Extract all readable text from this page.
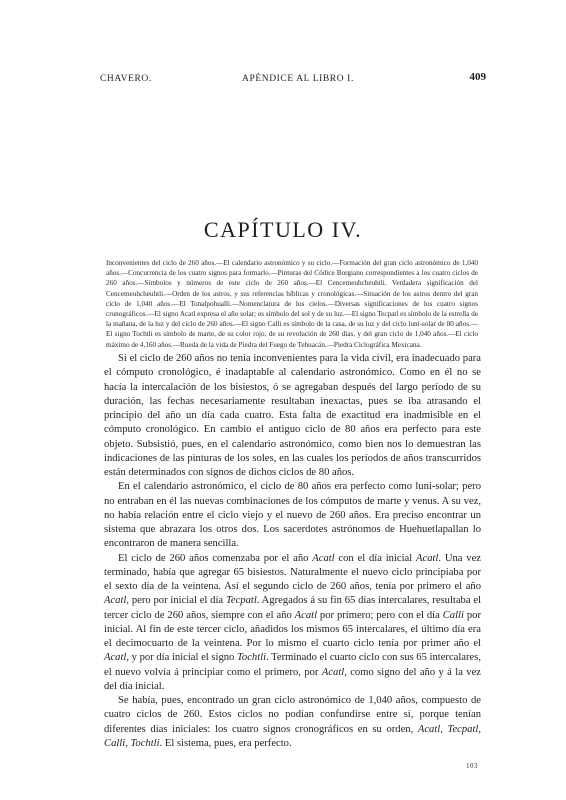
CHAVERO.	APÉNDICE AL LIBRO I.	409
CAPÍTULO IV.

Inconvenientes del ciclo de 260 años.—El calendario astronómico y su ciclo.—Formación del gran ciclo astronómico de 1,040 años.—Concurrencia de los cuatro signos para formarlo.—Pinturas del Códice Borgiano correspondientes a los cuatro ciclos de 260 años.—Símbolos y números de este ciclo de 260 años.—El Cencemeuhcheuhtli. Verdadera significación del Cencemeuhcheuhtli.—Orden de los astros, y sus referencias bíblicas y cronológicas.—Situación de los astros dentro del gran ciclo de 1,040 años.—El Tonalpohualli.—Nomenclatura de los cielos.—Diversas significaciones de los cuatro signos cronográficos.—El signo Acatl expresa el año solar; es símbolo del sol y de su luz.—El signo Tecpatl es símbolo de la estrella de la mañana, de la luz y del ciclo de 260 años.—El signo Calli es símbolo de la casa, de su luz y del ciclo luni-solar de 80 años.—El signo Tochtli es símbolo de marte, de su color rojo, de su revolución de 260 días, y del gran ciclo de 1,040 años.—El ciclo máximo de 4,160 años.—Rueda de la vida de Piedra del Fuego de Tehuacán.—Piedra Ciclográfica Mexicana.

Si el ciclo de 260 años no tenía inconvenientes para la vida civil, era inadecuado para el cómputo cronológico, é inadaptable al calendario astronómico. Como en él no se hacía la intercalación de los bisiestos, ó se agregaban después del largo período de su duración, las fechas necesariamente resultaban inexactas, pues se iba atrasando el principio del año un día cada cuatro. Esta falta de exactitud era inadmisible en el cómputo cronológico. En cambio el antiguo ciclo de 80 años era perfecto para este objeto. Subsistió, pues, en el calendario astronómico, como bien nos lo demuestran las indicaciones de las pinturas de los soles, en las cuales los períodos de años transcurridos están determinados con signos de dichos ciclos de 80 años.

En el calendario astronómico, el ciclo de 80 años era perfecto como luni-solar; pero no entraban en él las nuevas combinaciones de los cómputos de marte y venus. A su vez, no había relación entre el ciclo viejo y el nuevo de 260 años. Era preciso encontrar un sistema que abrazara los otros dos. Los sacerdotes astrónomos de Huehuetlapallan lo encontraron de manera sencilla.

El ciclo de 260 años comenzaba por el año Acatl con el día inicial Acatl. Una vez terminado, había que agregar 65 bisiestos. Naturalmente el nuevo ciclo principiaba por el sexto día de la veintena. Así el segundo ciclo de 260 años, tenía por primero el año Acatl, pero por inicial el día Tecpatl. Agregados á su fin 65 días intercalares, resultaba el tercer ciclo de 260 años, siempre con el año Acatl por primero; pero con el día Calli por inicial. Al fin de este tercer ciclo, añadidos los mismos 65 intercalares, el último día era el decimocuarto de la veintena. Por lo mismo el cuarto ciclo tenía por primer año el Acatl, y por día inicial el signo Tochtli. Terminado el cuarto ciclo con sus 65 intercalares, el nuevo volvía á principiar como el primero, por Acatl, como signo del año y á la vez del día inicial.

Se había, pues, encontrado un gran ciclo astronómico de 1,040 años, compuesto de cuatro ciclos de 260. Estos ciclos no podían confundirse entre sí, porque tenían diferentes días iniciales: los cuatro signos cronográficos en su orden, Acatl, Tecpatl, Calli, Tochtli. El sistema, pues, era perfecto.

103
